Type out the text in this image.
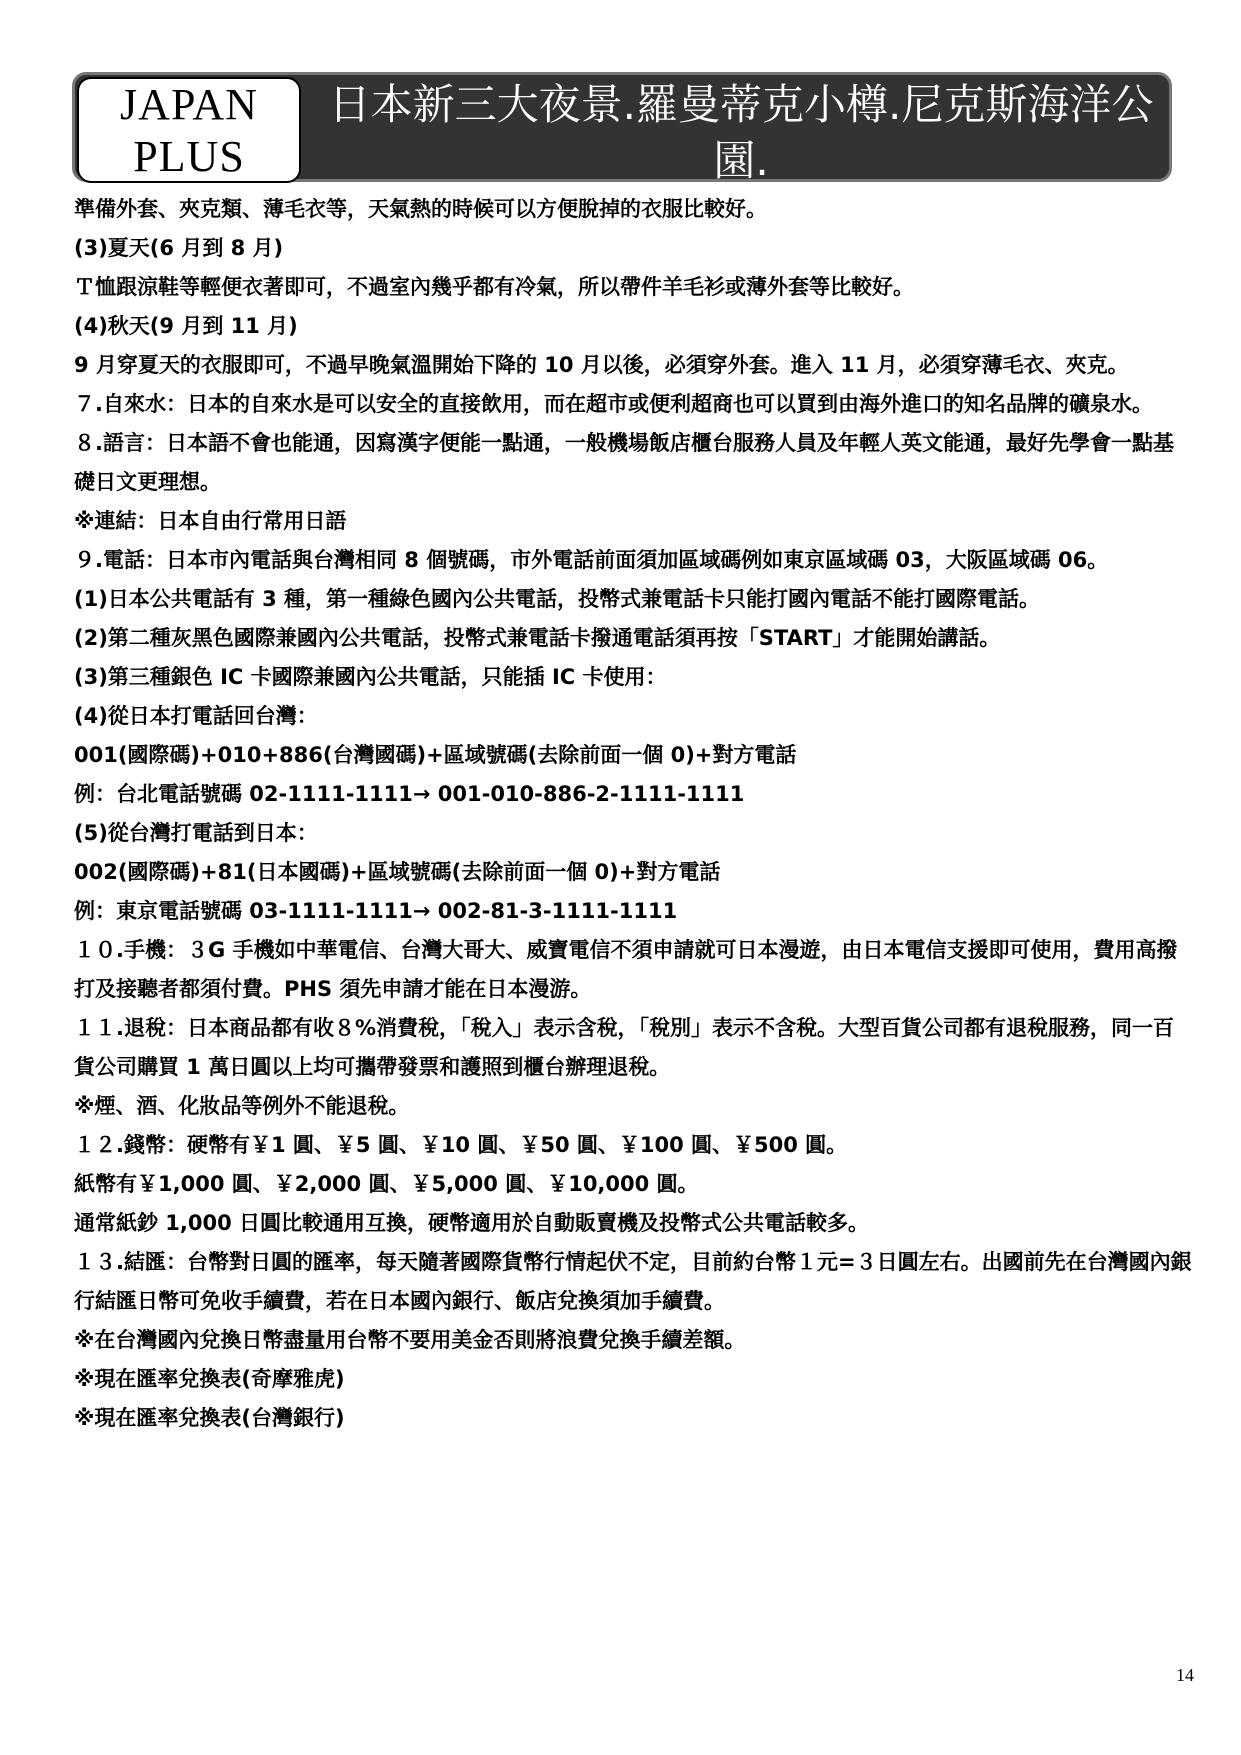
JAPAN
PLUS
日本新三大夜景.羅曼蒂克小樽.尼克斯海洋公園.
北海道溫泉五日

準備外套、夾克類、薄毛衣等，天氣熱的時候可以方便脫掉的衣服比較好。

(3)夏天(6 月到 8 月)

Ｔ恤跟涼鞋等輕便衣著即可，不過室內幾乎都有冷氣，所以帶件羊毛衫或薄外套等比較好。

(4)秋天(9 月到 11 月)

9 月穿夏天的衣服即可，不過早晚氣溫開始下降的 10 月以後，必須穿外套。進入 11 月，必須穿薄毛衣、夾克。

７.自來水：日本的自來水是可以安全的直接飲用，而在超市或便利超商也可以買到由海外進口的知名品牌的礦泉水。

８.語言：日本語不會也能通，因寫漢字便能一點通，一般機場飯店櫃台服務人員及年輕人英文能通，最好先學會一點基礎日文更理想。

※連結：日本自由行常用日語

９.電話：日本市內電話與台灣相同 8 個號碼，市外電話前面須加區域碼例如東京區域碼 03，大阪區域碼 06。

(1)日本公共電話有 3 種，第一種綠色國內公共電話，投幣式兼電話卡只能打國內電話不能打國際電話。

(2)第二種灰黑色國際兼國內公共電話，投幣式兼電話卡撥通電話須再按「START」才能開始講話。

(3)第三種銀色 IC 卡國際兼國內公共電話，只能插 IC 卡使用：

(4)從日本打電話回台灣：

001(國際碼)+010+886(台灣國碼)+區域號碼(去除前面一個 0)+對方電話

例：台北電話號碼 02-1111-1111→ 001-010-886-2-1111-1111

(5)從台灣打電話到日本：

002(國際碼)+81(日本國碼)+區域號碼(去除前面一個 0)+對方電話

例：東京電話號碼 03-1111-1111→ 002-81-3-1111-1111

１０.手機：３G 手機如中華電信、台灣大哥大、威寶電信不須申請就可日本漫遊，由日本電信支援即可使用，費用高撥打及接聽者都須付費。PHS 須先申請才能在日本漫游。

１１.退稅：日本商品都有收８%消費稅，「稅入」表示含稅，「稅別」表示不含稅。大型百貨公司都有退稅服務，同一百貨公司購買 1 萬日圓以上均可攜帶發票和護照到櫃台辦理退稅。

※煙、酒、化妝品等例外不能退稅。

１２.錢幣：硬幣有￥1 圓、￥5 圓、￥10 圓、￥50 圓、￥100 圓、￥500 圓。

紙幣有￥1,000 圓、￥2,000 圓、￥5,000 圓、￥10,000 圓。

通常紙鈔 1,000 日圓比較通用互換，硬幣適用於自動販賣機及投幣式公共電話較多。

１３.結匯：台幣對日圓的匯率，每天隨著國際貨幣行情起伏不定，目前約台幣１元=３日圓左右。出國前先在台灣國內銀行結匯日幣可免收手續費，若在日本國內銀行、飯店兌換須加手續費。

※在台灣國內兌換日幣盡量用台幣不要用美金否則將浪費兌換手續差額。

※現在匯率兌換表(奇摩雅虎)

※現在匯率兌換表(台灣銀行)

14
